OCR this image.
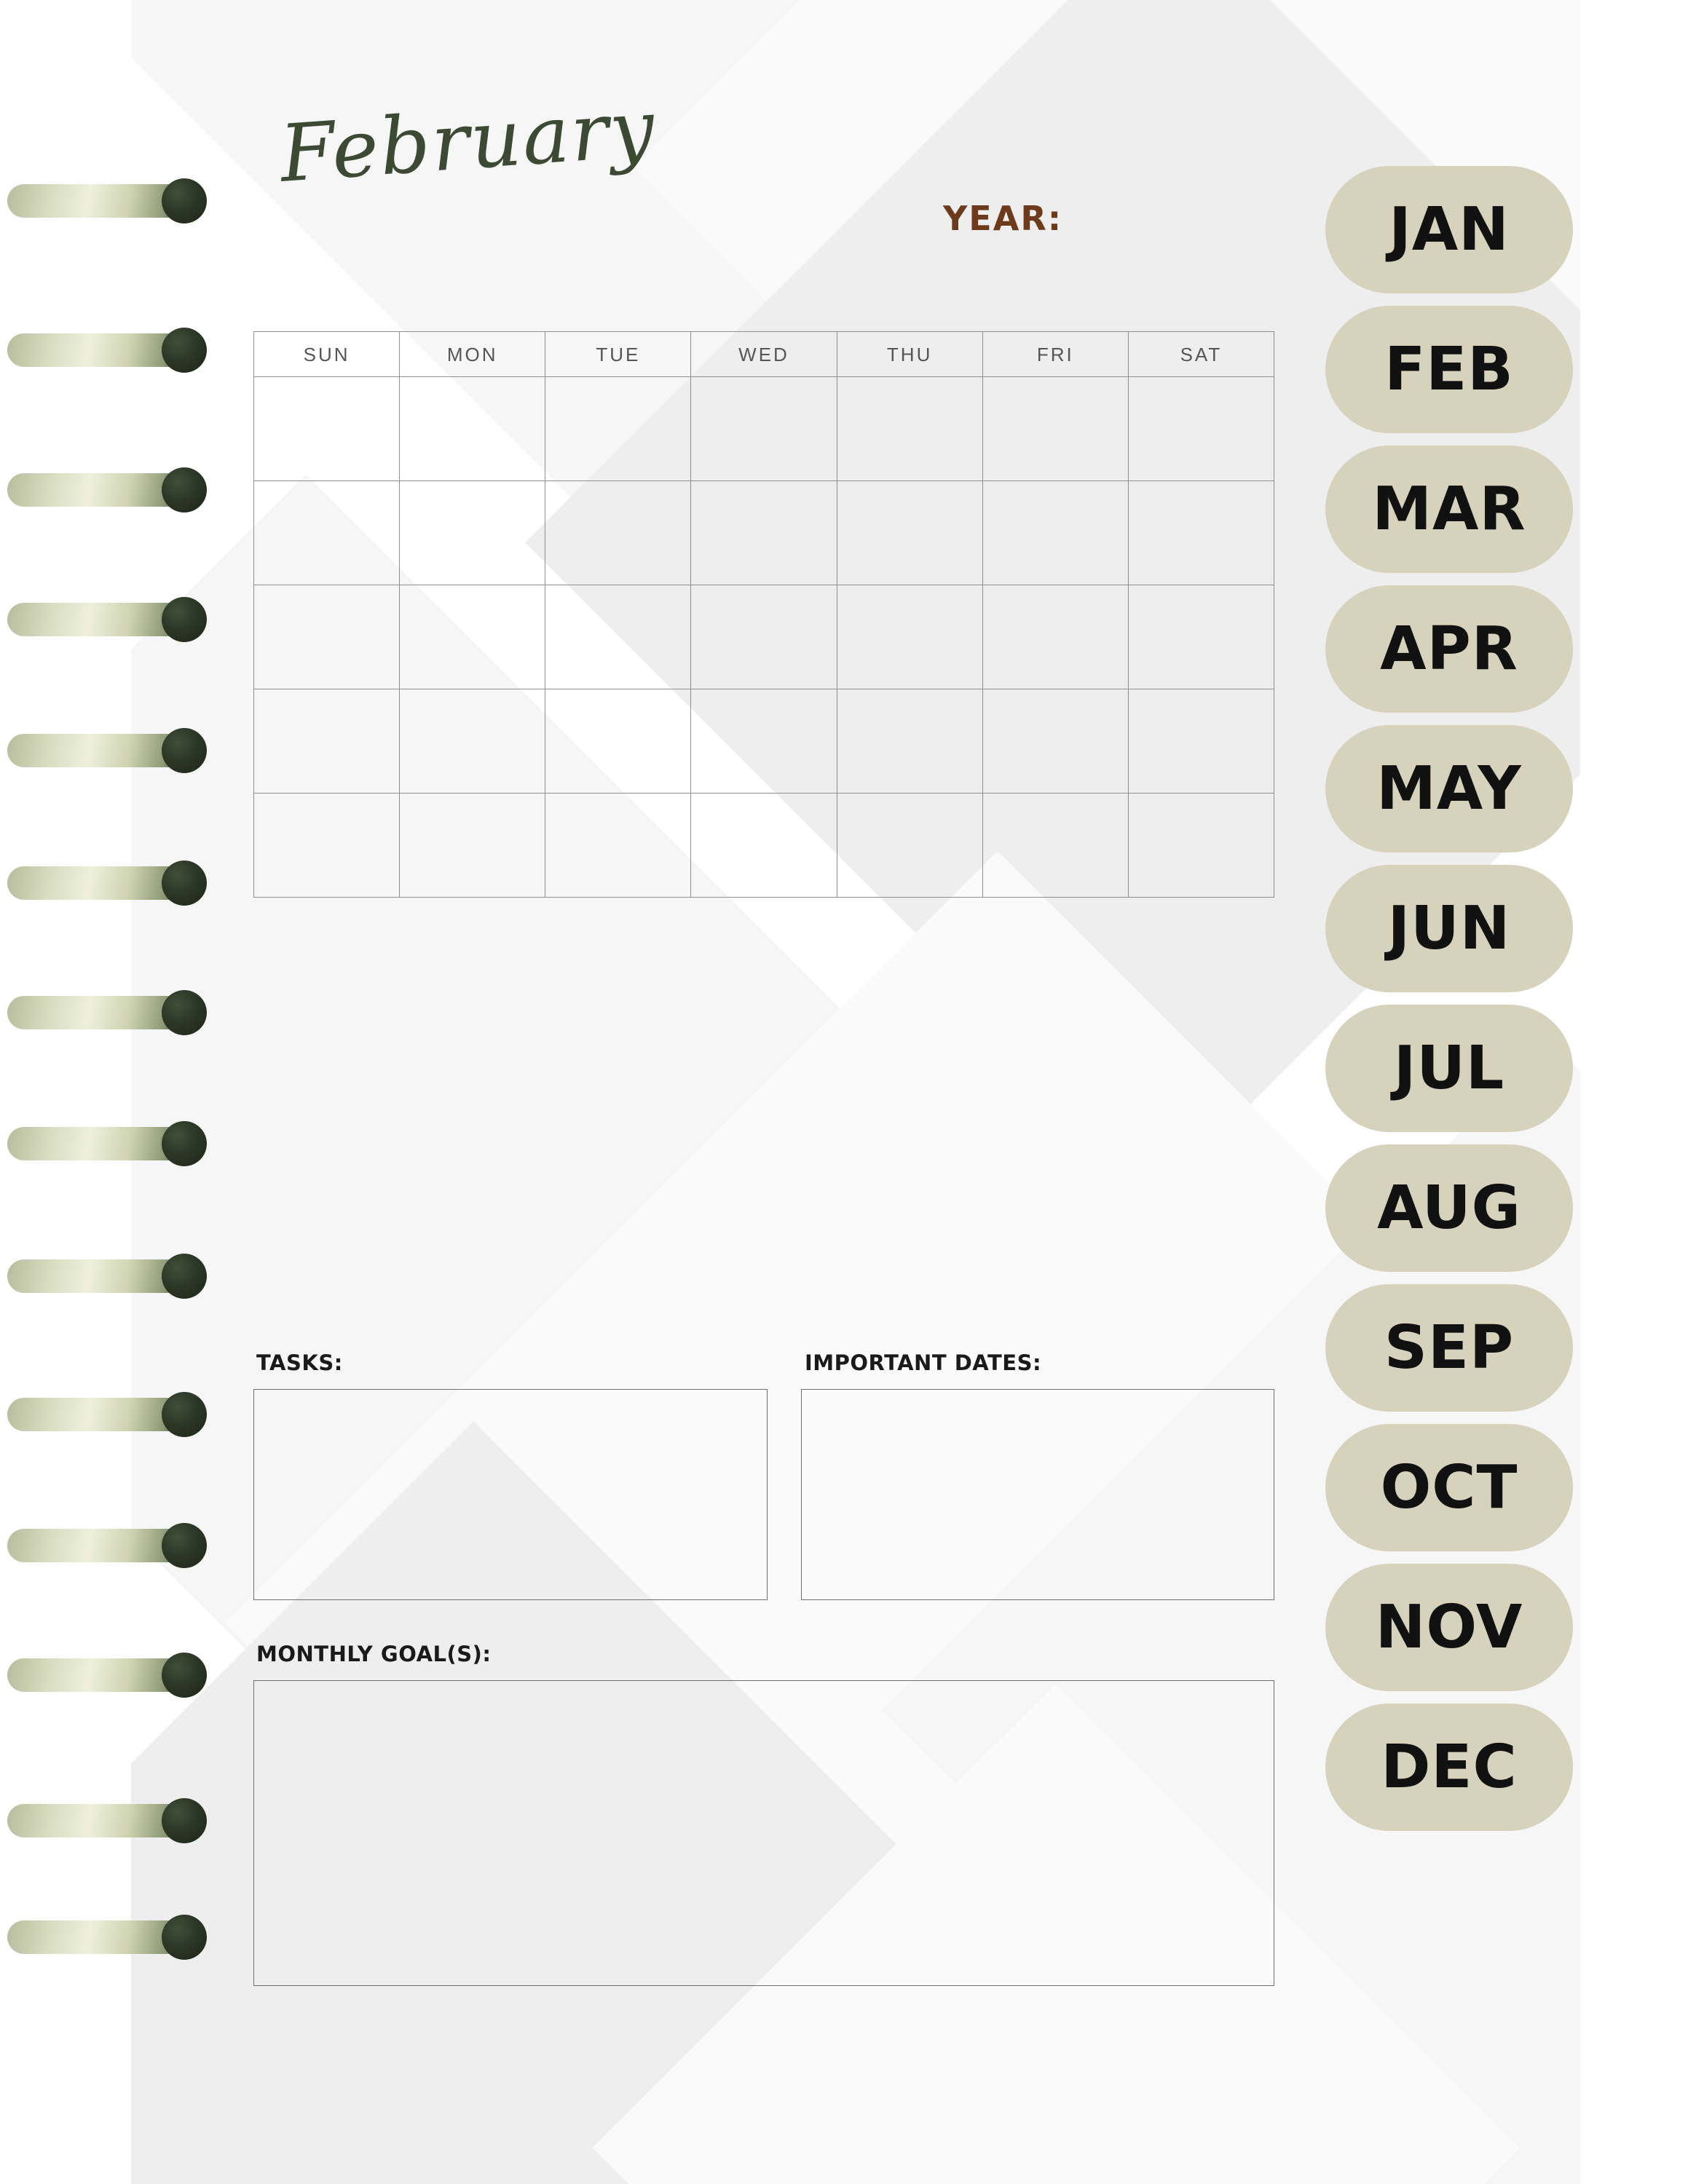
February
YEAR:
SUN	MON	TUE	WED	THU	FRI	SAT
TASKS:	IMPORTANT DATES:
MONTHLY GOAL(S):
JAN
FEB
MAR
APR
MAY
JUN
JUL
AUG
SEP
OCT
NOV
DEC
